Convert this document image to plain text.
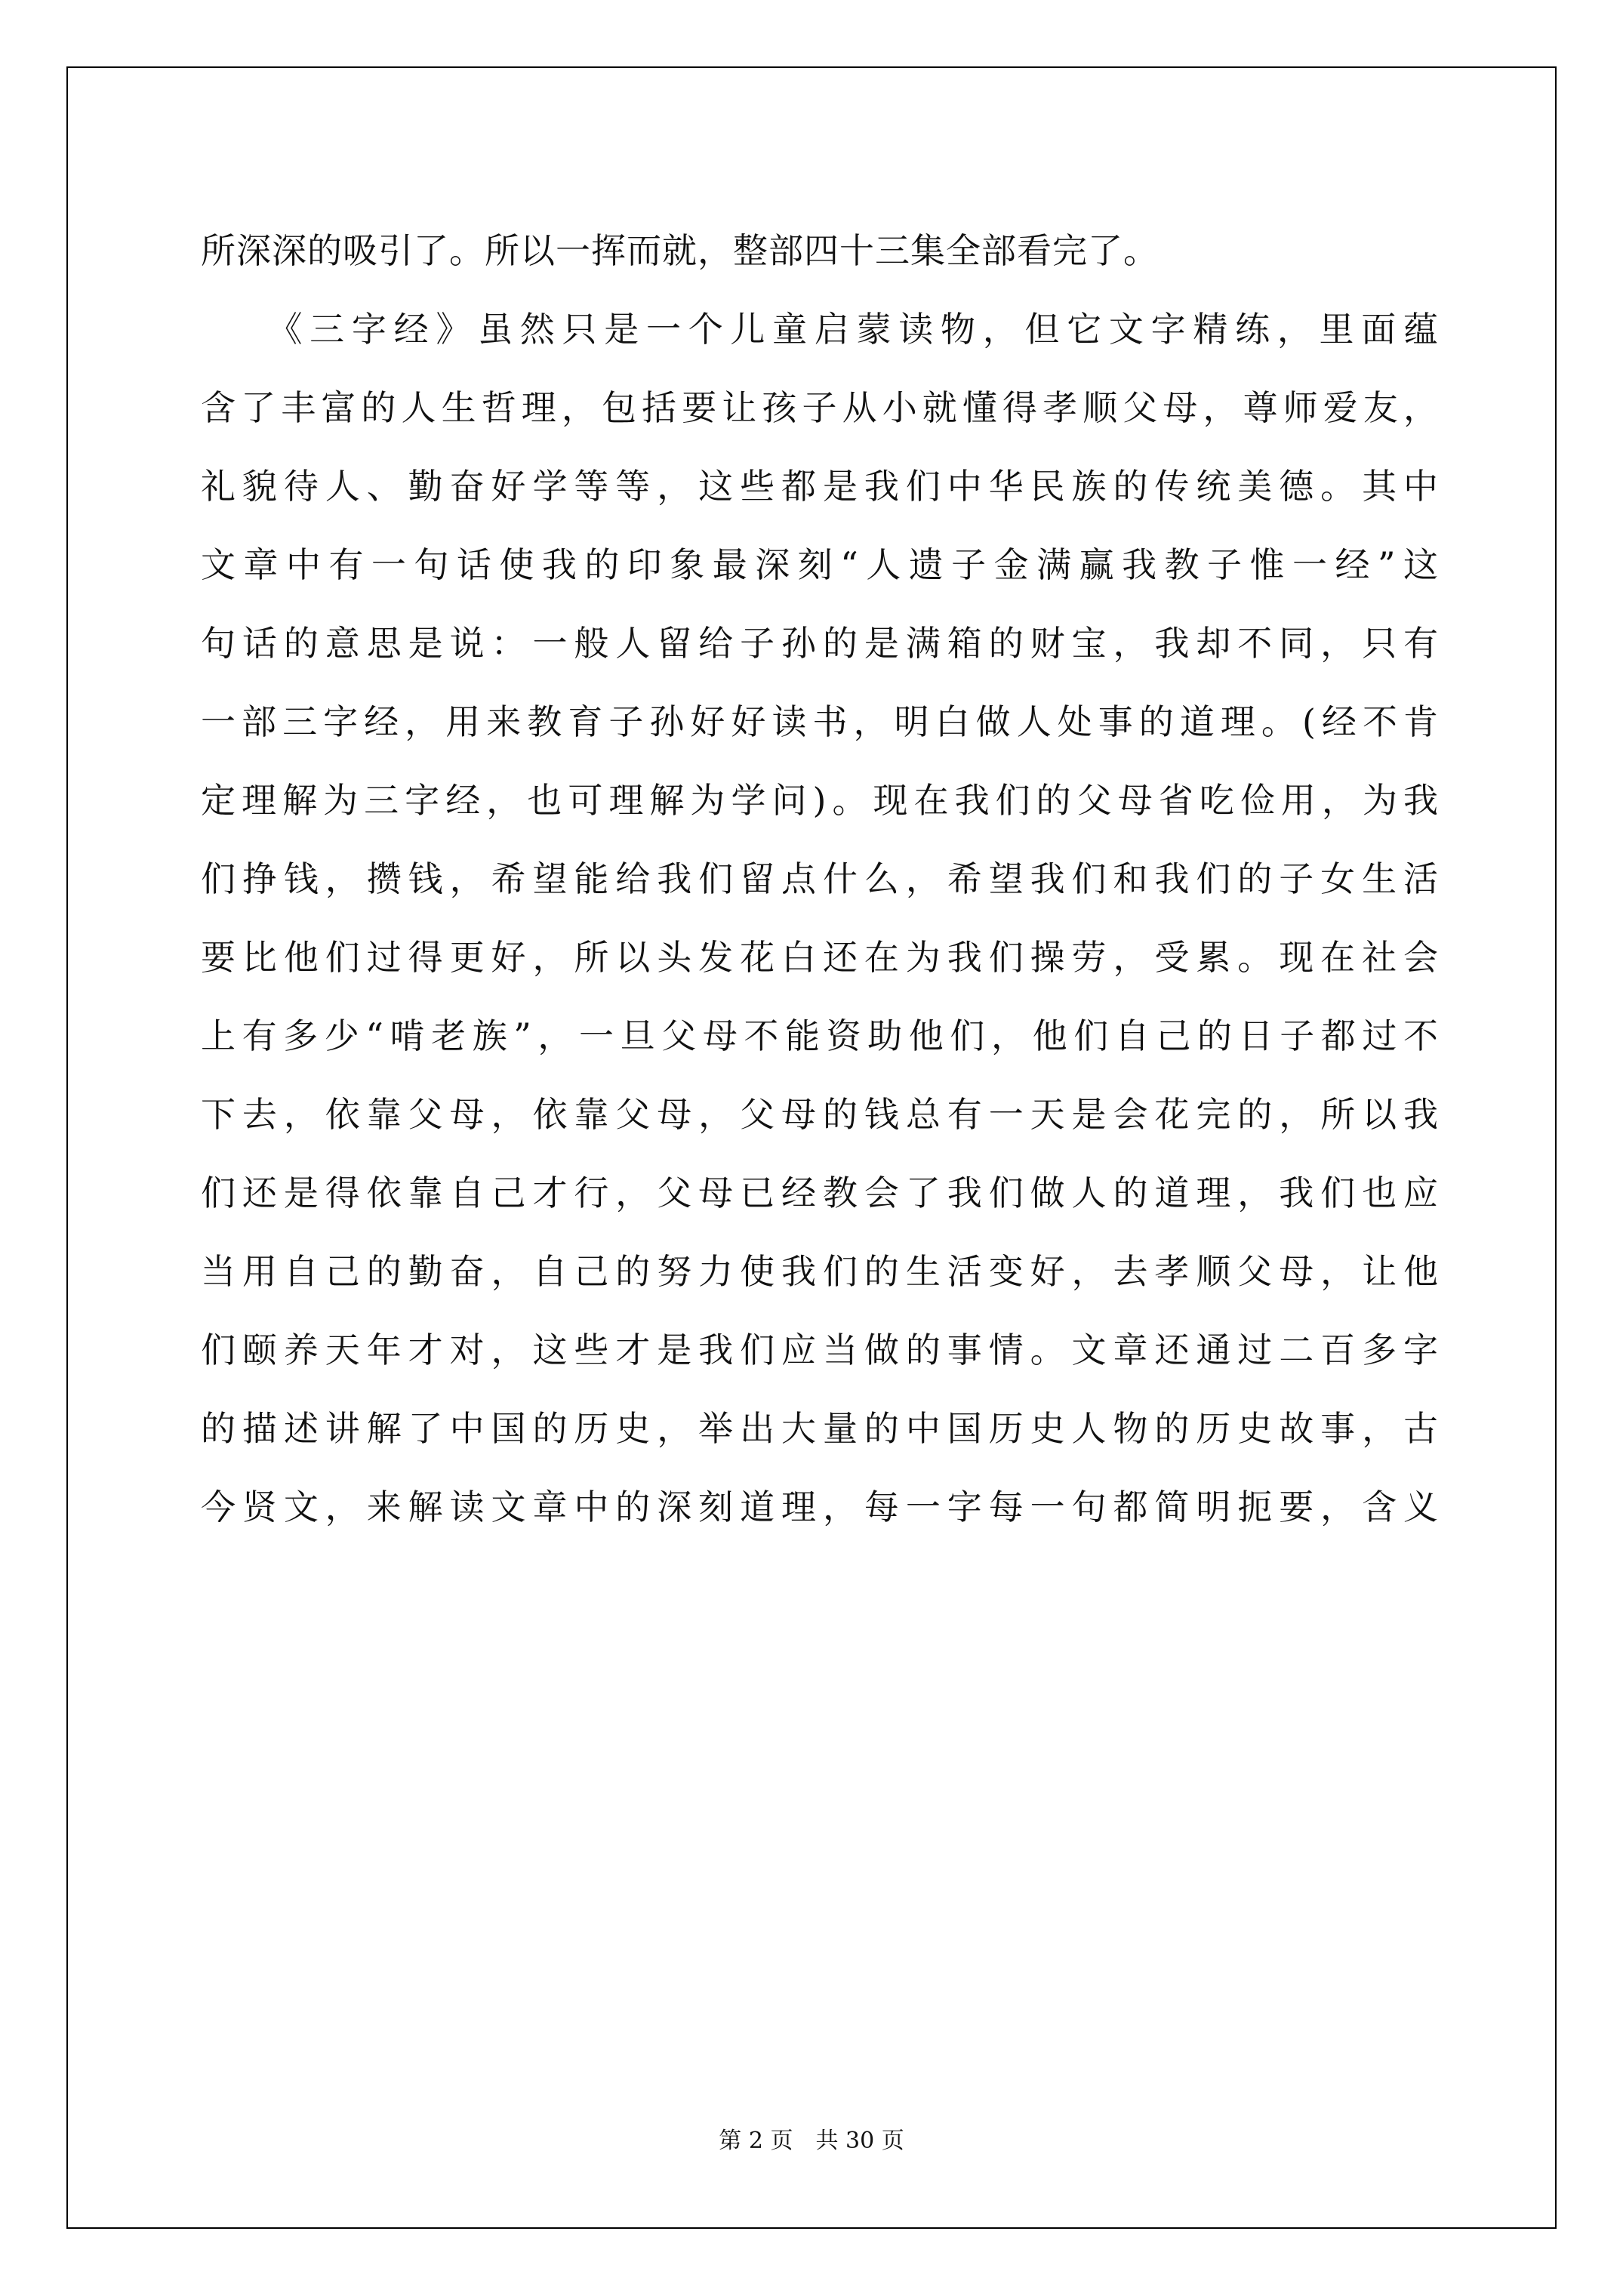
所深深的吸引了。所以一挥而就，整部四十三集全部看完了。
　　《三字经》虽然只是一个儿童启蒙读物，但它文字精练，里面蕴
含了丰富的人生哲理，包括要让孩子从小就懂得孝顺父母，尊师爱友，
礼貌待人、勤奋好学等等，这些都是我们中华民族的传统美德。其中
文章中有一句话使我的印象最深刻“人遗子金满赢我教子惟一经”这
句话的意思是说：一般人留给子孙的是满箱的财宝，我却不同，只有
一部三字经，用来教育子孙好好读书，明白做人处事的道理。(经不肯
定理解为三字经，也可理解为学问)。现在我们的父母省吃俭用，为我
们挣钱，攒钱，希望能给我们留点什么，希望我们和我们的子女生活
要比他们过得更好，所以头发花白还在为我们操劳，受累。现在社会
上有多少“啃老族”，一旦父母不能资助他们，他们自己的日子都过不
下去，依靠父母，依靠父母，父母的钱总有一天是会花完的，所以我
们还是得依靠自己才行，父母已经教会了我们做人的道理，我们也应
当用自己的勤奋，自己的努力使我们的生活变好，去孝顺父母，让他
们颐养天年才对，这些才是我们应当做的事情。文章还通过二百多字
的描述讲解了中国的历史，举出大量的中国历史人物的历史故事，古
今贤文，来解读文章中的深刻道理，每一字每一句都简明扼要，含义
第 2 页 共 30 页
